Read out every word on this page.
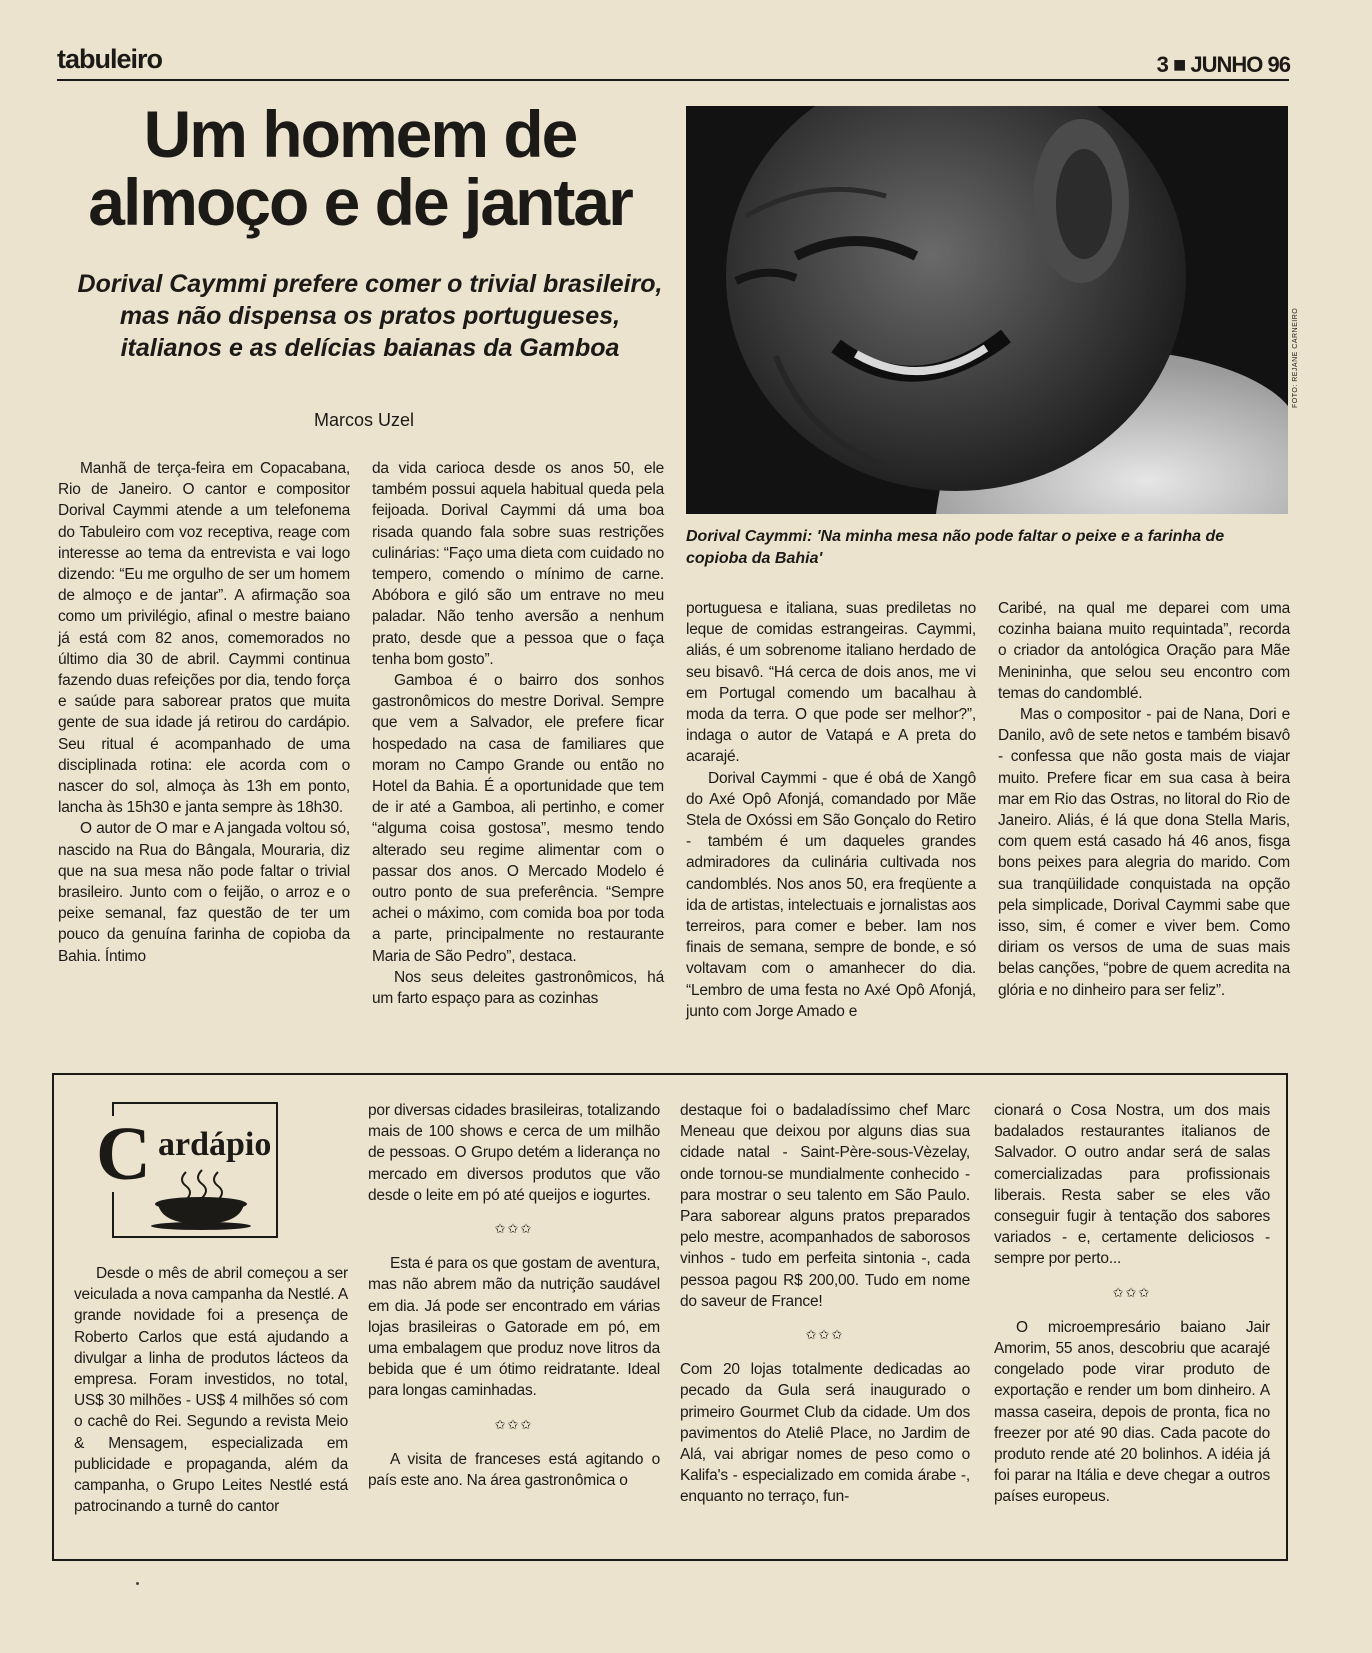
tabuleiro	3 ■ JUNHO 96
Um homem de almoço e de jantar
Dorival Caymmi prefere comer o trivial brasileiro, mas não dispensa os pratos portugueses, italianos e as delícias baianas da Gamboa
Marcos Uzel

Manhã de terça-feira em Copacabana, Rio de Janeiro. O cantor e compositor Dorival Caymmi atende a um telefonema do Tabuleiro com voz receptiva, reage com interesse ao tema da entrevista e vai logo dizendo: “Eu me orgulho de ser um homem de almoço e de jantar”. A afirmação soa como um privilégio, afinal o mestre baiano já está com 82 anos, comemorados no último dia 30 de abril. Caymmi continua fazendo duas refeições por dia, tendo força e saúde para saborear pratos que muita gente de sua idade já retirou do cardápio. Seu ritual é acompanhado de uma disciplinada rotina: ele acorda com o nascer do sol, almoça às 13h em ponto, lancha às 15h30 e janta sempre às 18h30.

O autor de O mar e A jangada voltou só, nascido na Rua do Bângala, Mouraria, diz que na sua mesa não pode faltar o trivial brasileiro. Junto com o feijão, o arroz e o peixe semanal, faz questão de ter um pouco da genuína farinha de copioba da Bahia. Íntimo

da vida carioca desde os anos 50, ele também possui aquela habitual queda pela feijoada. Dorival Caymmi dá uma boa risada quando fala sobre suas restrições culinárias: “Faço uma dieta com cuidado no tempero, comendo o mínimo de carne. Abóbora e giló são um entrave no meu paladar. Não tenho aversão a nenhum prato, desde que a pessoa que o faça tenha bom gosto”.

Gamboa é o bairro dos sonhos gastronômicos do mestre Dorival. Sempre que vem a Salvador, ele prefere ficar hospedado na casa de familiares que moram no Campo Grande ou então no Hotel da Bahia. É a oportunidade que tem de ir até a Gamboa, ali pertinho, e comer “alguma coisa gostosa”, mesmo tendo alterado seu regime alimentar com o passar dos anos. O Mercado Modelo é outro ponto de sua preferência. “Sempre achei o máximo, com comida boa por toda a parte, principalmente no restaurante Maria de São Pedro”, destaca.

Nos seus deleites gastronômicos, há um farto espaço para as cozinhas

FOTO: REJANE CARNEIRO
Dorival Caymmi: 'Na minha mesa não pode faltar o peixe e a farinha de copioba da Bahia'

portuguesa e italiana, suas prediletas no leque de comidas estrangeiras. Caymmi, aliás, é um sobrenome italiano herdado de seu bisavô. “Há cerca de dois anos, me vi em Portugal comendo um bacalhau à moda da terra. O que pode ser melhor?”, indaga o autor de Vatapá e A preta do acarajé.

Dorival Caymmi - que é obá de Xangô do Axé Opô Afonjá, comandado por Mãe Stela de Oxóssi em São Gonçalo do Retiro - também é um daqueles grandes admiradores da culinária cultivada nos candomblés. Nos anos 50, era freqüente a ida de artistas, intelectuais e jornalistas aos terreiros, para comer e beber. Iam nos finais de semana, sempre de bonde, e só voltavam com o amanhecer do dia. “Lembro de uma festa no Axé Opô Afonjá, junto com Jorge Amado e

Caribé, na qual me deparei com uma cozinha baiana muito requintada”, recorda o criador da antológica Oração para Mãe Menininha, que selou seu encontro com temas do candomblé.

Mas o compositor - pai de Nana, Dori e Danilo, avô de sete netos e também bisavô - confessa que não gosta mais de viajar muito. Prefere ficar em sua casa à beira mar em Rio das Ostras, no litoral do Rio de Janeiro. Aliás, é lá que dona Stella Maris, com quem está casado há 46 anos, fisga bons peixes para alegria do marido. Com sua tranqüilidade conquistada na opção pela simplicade, Dorival Caymmi sabe que isso, sim, é comer e viver bem. Como diriam os versos de uma de suas mais belas canções, “pobre de quem acredita na glória e no dinheiro para ser feliz”.

C ardápio

Desde o mês de abril começou a ser veiculada a nova campanha da Nestlé. A grande novidade foi a presença de Roberto Carlos que está ajudando a divulgar a linha de produtos lácteos da empresa. Foram investidos, no total, US$ 30 milhões - US$ 4 milhões só com o cachê do Rei. Segundo a revista Meio & Mensagem, especializada em publicidade e propaganda, além da campanha, o Grupo Leites Nestlé está patrocinando a turnê do cantor

por diversas cidades brasileiras, totalizando mais de 100 shows e cerca de um milhão de pessoas. O Grupo detém a liderança no mercado em diversos produtos que vão desde o leite em pó até queijos e iogurtes.

✩✩✩

Esta é para os que gostam de aventura, mas não abrem mão da nutrição saudável em dia. Já pode ser encontrado em várias lojas brasileiras o Gatorade em pó, em uma embalagem que produz nove litros da bebida que é um ótimo reidratante. Ideal para longas caminhadas.

✩✩✩

A visita de franceses está agitando o país este ano. Na área gastronômica o

destaque foi o badaladíssimo chef Marc Meneau que deixou por alguns dias sua cidade natal - Saint-Père-sous-Vèzelay, onde tornou-se mundialmente conhecido - para mostrar o seu talento em São Paulo. Para saborear alguns pratos preparados pelo mestre, acompanhados de saborosos vinhos - tudo em perfeita sintonia -, cada pessoa pagou R$ 200,00. Tudo em nome do saveur de France!

✩✩✩

Com 20 lojas totalmente dedicadas ao pecado da Gula será inaugurado o primeiro Gourmet Club da cidade. Um dos pavimentos do Ateliê Place, no Jardim de Alá, vai abrigar nomes de peso como o Kalifa's - especializado em comida árabe -, enquanto no terraço, fun-

cionará o Cosa Nostra, um dos mais badalados restaurantes italianos de Salvador. O outro andar será de salas comercializadas para profissionais liberais. Resta saber se eles vão conseguir fugir à tentação dos sabores variados - e, certamente deliciosos - sempre por perto...

✩✩✩

O microempresário baiano Jair Amorim, 55 anos, descobriu que acarajé congelado pode virar produto de exportação e render um bom dinheiro. A massa caseira, depois de pronta, fica no freezer por até 90 dias. Cada pacote do produto rende até 20 bolinhos. A idéia já foi parar na Itália e deve chegar a outros países europeus.
